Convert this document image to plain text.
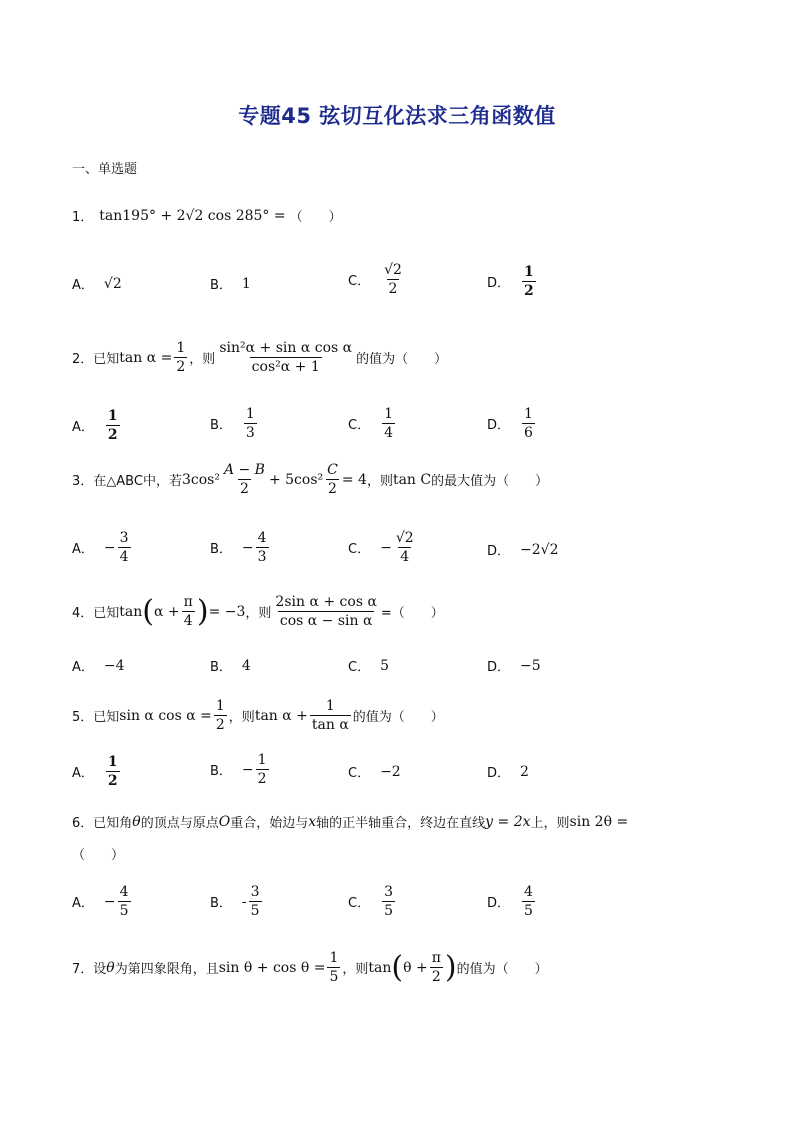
专题45 弦切互化法求三角函数值
一、单选题
1． tan195° + 2√2 cos 285° = （　　）
A． √2	B． 1	C． $\frac{√2}{2}$	D． $\frac{1}{2}$
2． 已知 $\tan \alpha = \frac{1}{2}$ ，则 $\frac{\text{sin²α + sin α cos α}}{\text{cos²α + 1}}$ 的值为（　　）
A． $\frac{1}{2}$	B． $\frac{1}{3}$	C． $\frac{1}{4}$	D． $\frac{1}{6}$
3． 在△ABC中，若 $3\cos^2 \frac{A - B}{2} + 5\cos^2 \frac{C}{2} = 4$ ，则 tan C 的最大值为（　　）
A． − $\frac{3}{4}$	B． − $\frac{4}{3}$	C． − $\frac{√2}{4}$	D． −2√2
4． 已知 tan ( $\alpha + \frac{\pi}{4}$ ) = −3 ，则 $\frac{\text{2sin α + cos α}}{\text{cos α − sin α}}$ =（　　）
A． −4	B． 4	C． 5	D． −5
5． 已知 sin α $\cos \alpha = \frac{1}{2}$ ，则 $\tan \alpha + \frac{1}{\text{tan α}}$ 的值为（　　）
A． $\frac{1}{2}$	B． − $\frac{1}{2}$	C． −2	D． 2
6． 已知角 θ 的顶点与原点 O 重合，始边与 x 轴的正半轴重合，终边在直线 y = 2x 上，则 sin 2θ =
（　　）
A． − $\frac{4}{5}$	B． - $\frac{3}{5}$	C． $\frac{3}{5}$	D． $\frac{4}{5}$
7． 设 θ 为第四象限角，且 $\sin \theta + \cos \theta = \frac{1}{5}$ ，则 tan ( $\theta + \frac{\pi}{2}$ ) 的值为（　　）
